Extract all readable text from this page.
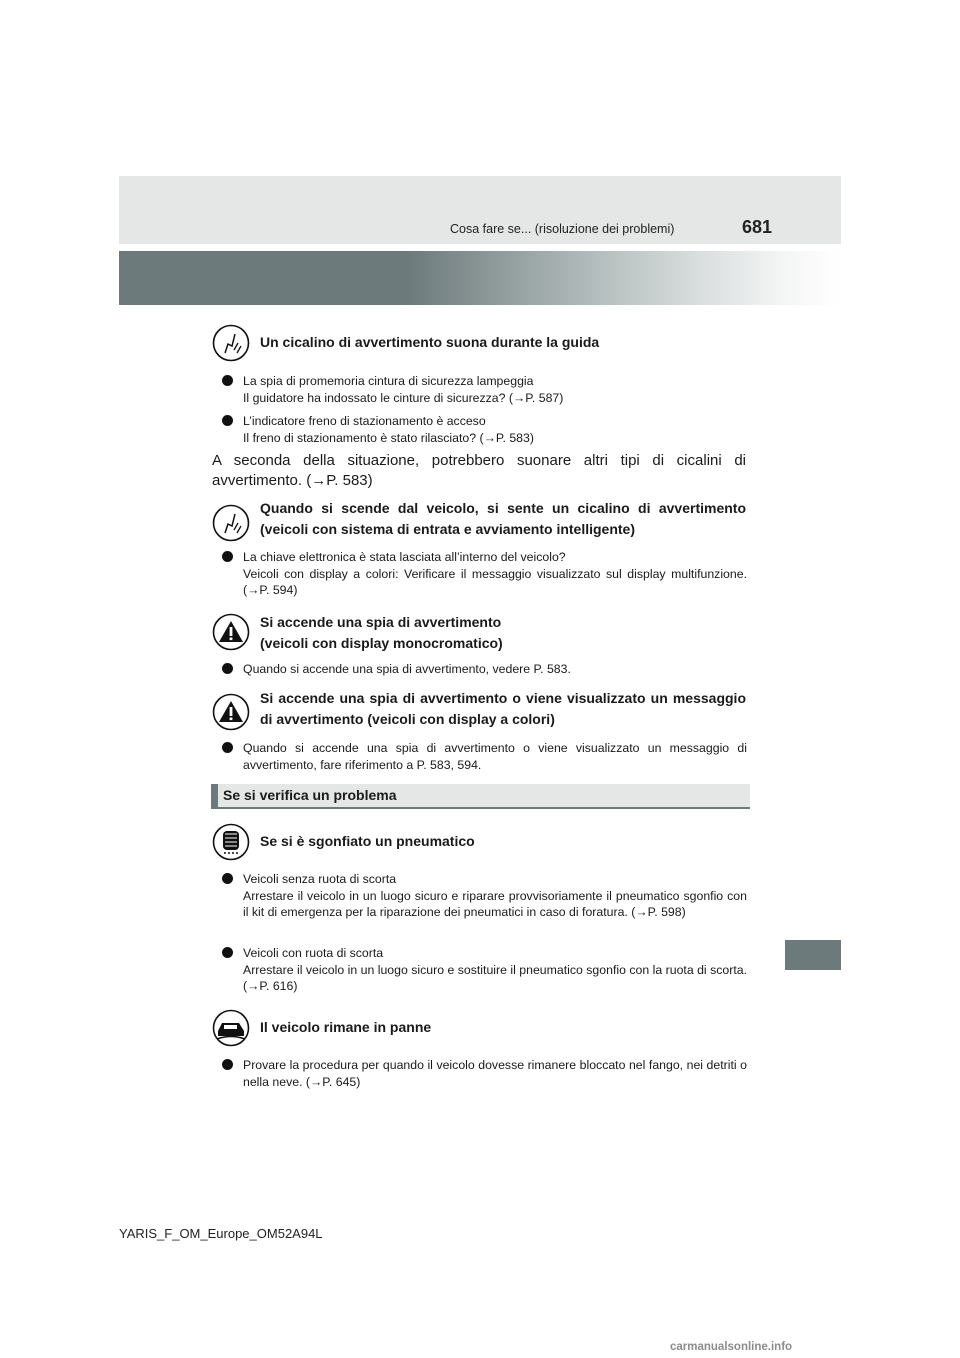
Cosa fare se... (risoluzione dei problemi)	681
Un cicalino di avvertimento suona durante la guida
La spia di promemoria cintura di sicurezza lampeggia
Il guidatore ha indossato le cinture di sicurezza? (→P. 587)
L’indicatore freno di stazionamento è acceso
Il freno di stazionamento è stato rilasciato? (→P. 583)
A seconda della situazione, potrebbero suonare altri tipi di cicalini di avvertimento. (→P. 583)
Quando si scende dal veicolo, si sente un cicalino di avvertimento (veicoli con sistema di entrata e avviamento intelligente)
La chiave elettronica è stata lasciata all’interno del veicolo?
Veicoli con display a colori: Verificare il messaggio visualizzato sul display multifunzione. (→P. 594)
Si accende una spia di avvertimento
(veicoli con display monocromatico)
Quando si accende una spia di avvertimento, vedere P. 583.
Si accende una spia di avvertimento o viene visualizzato un messaggio di avvertimento (veicoli con display a colori)
Quando si accende una spia di avvertimento o viene visualizzato un messaggio di avvertimento, fare riferimento a P. 583, 594.
Se si verifica un problema
Se si è sgonfiato un pneumatico
Veicoli senza ruota di scorta
Arrestare il veicolo in un luogo sicuro e riparare provvisoriamente il pneumatico sgonfio con il kit di emergenza per la riparazione dei pneumatici in caso di foratura. (→P. 598)
Veicoli con ruota di scorta
Arrestare il veicolo in un luogo sicuro e sostituire il pneumatico sgonfio con la ruota di scorta. (→P. 616)
Il veicolo rimane in panne
Provare la procedura per quando il veicolo dovesse rimanere bloccato nel fango, nei detriti o nella neve. (→P. 645)
YARIS_F_OM_Europe_OM52A94L
carmanualsonline.info
